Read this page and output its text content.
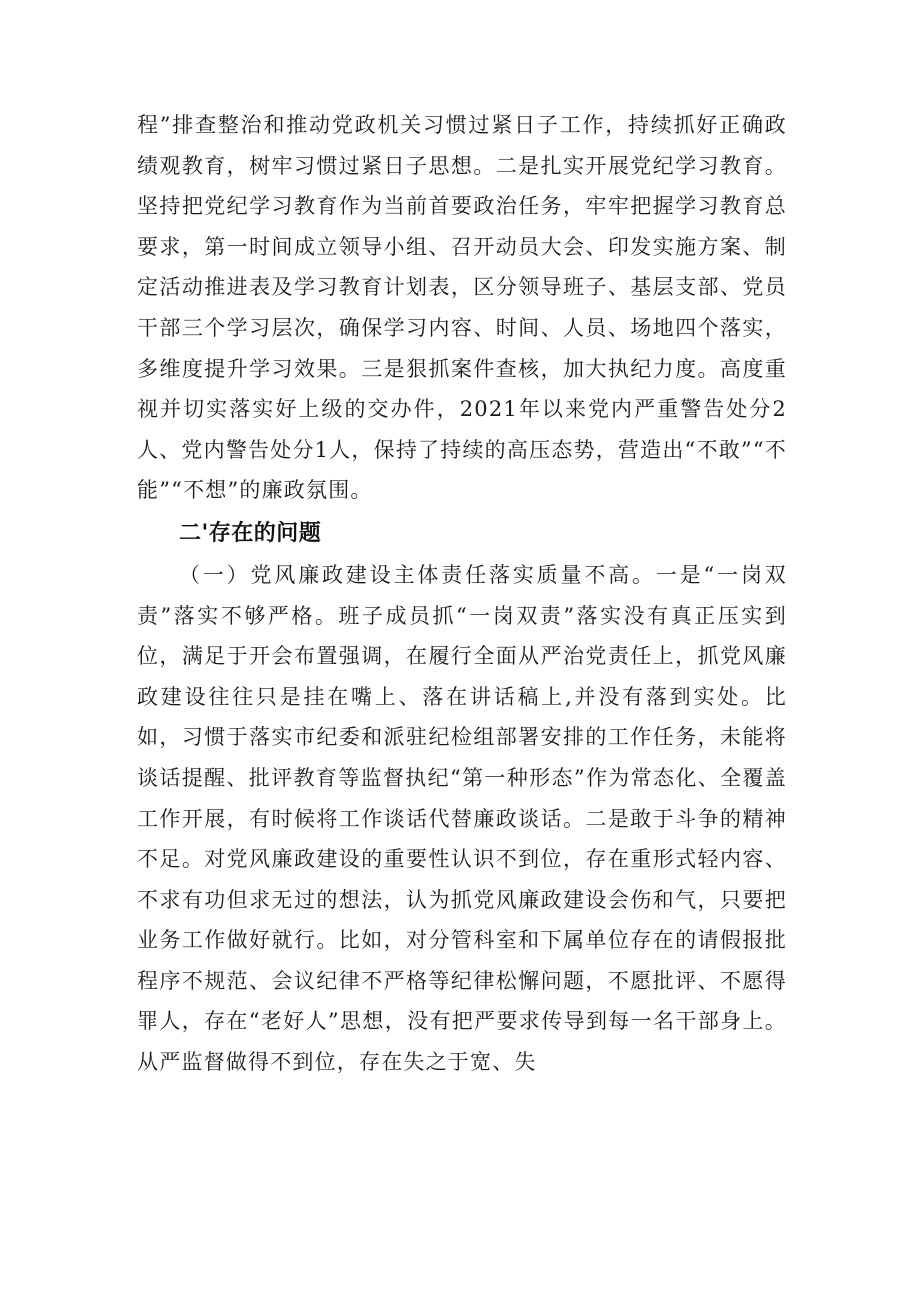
程”排查整治和推动党政机关习惯过紧日子工作，持续抓好正确政绩观教育，树牢习惯过紧日子思想。二是扎实开展党纪学习教育。坚持把党纪学习教育作为当前首要政治任务，牢牢把握学习教育总要求，第一时间成立领导小组、召开动员大会、印发实施方案、制定活动推进表及学习教育计划表，区分领导班子、基层支部、党员干部三个学习层次，确保学习内容、时间、人员、场地四个落实，多维度提升学习效果。三是狠抓案件查核，加大执纪力度。高度重视并切实落实好上级的交办件，2021年以来党内严重警告处分2人、党内警告处分1人，保持了持续的高压态势，营造出“不敢”“不能”“不想”的廉政氛围。

二'存在的问题

（一）党风廉政建设主体责任落实质量不高。一是“一岗双责”落实不够严格。班子成员抓“一岗双责”落实没有真正压实到位，满足于开会布置强调，在履行全面从严治党责任上，抓党风廉政建设往往只是挂在嘴上、落在讲话稿上,并没有落到实处。比如，习惯于落实市纪委和派驻纪检组部署安排的工作任务，未能将谈话提醒、批评教育等监督执纪“第一种形态”作为常态化、全覆盖工作开展，有时候将工作谈话代替廉政谈话。二是敢于斗争的精神不足。对党风廉政建设的重要性认识不到位，存在重形式轻内容、不求有功但求无过的想法，认为抓党风廉政建设会伤和气，只要把业务工作做好就行。比如，对分管科室和下属单位存在的请假报批程序不规范、会议纪律不严格等纪律松懈问题，不愿批评、不愿得罪人，存在“老好人”思想，没有把严要求传导到每一名干部身上。从严监督做得不到位，存在失之于宽、失
